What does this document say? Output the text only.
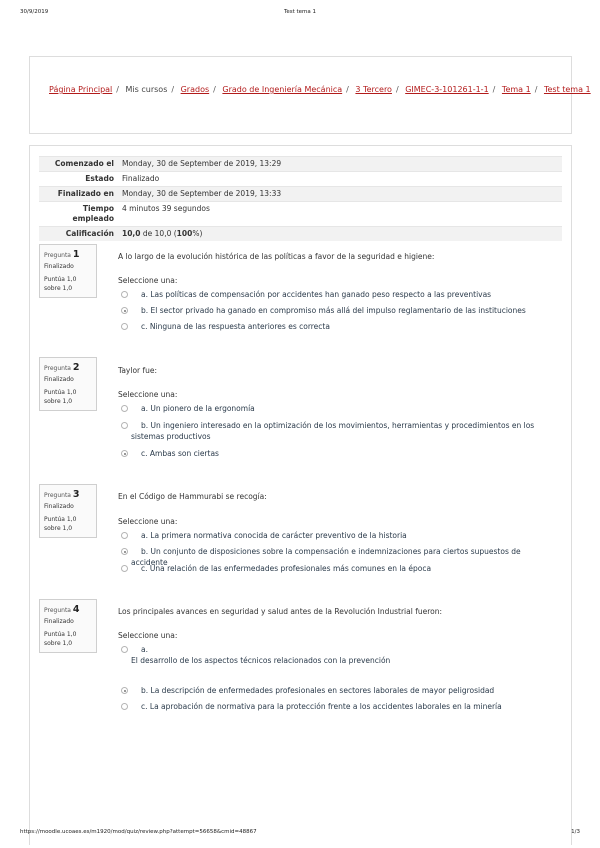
30/9/2019	Test tema 1
Página Principal / Mis cursos / Grados / Grado de Ingeniería Mecánica / 3 Tercero / GIMEC-3-101261-1-1 / Tema 1 / Test tema 1
Comenzado el	Monday, 30 de September de 2019, 13:29
Estado	Finalizado
Finalizado en	Monday, 30 de September de 2019, 13:33
Tiempo empleado	4 minutos 39 segundos
Calificación	10,0 de 10,0 (100%)
Pregunta 1
Finalizado
Puntúa 1,0 sobre 1,0
A lo largo de la evolución histórica de las políticas a favor de la seguridad e higiene:
Seleccione una:
a. Las políticas de compensación por accidentes han ganado peso respecto a las preventivas
b. El sector privado ha ganado en compromiso más allá del impulso reglamentario de las instituciones
c. Ninguna de las respuesta anteriores es correcta
Pregunta 2
Finalizado
Puntúa 1,0 sobre 1,0
Taylor fue:
Seleccione una:
a. Un pionero de la ergonomía
b. Un ingeniero interesado en la optimización de los movimientos, herramientas y procedimientos en los sistemas productivos
c. Ambas son ciertas
Pregunta 3
Finalizado
Puntúa 1,0 sobre 1,0
En el Código de Hammurabi se recogía:
Seleccione una:
a. La primera normativa conocida de carácter preventivo de la historia
b. Un conjunto de disposiciones sobre la compensación e indemnizaciones para ciertos supuestos de accidente
c. Una relación de las enfermedades profesionales más comunes en la época
Pregunta 4
Finalizado
Puntúa 1,0 sobre 1,0
Los principales avances en seguridad y salud antes de la Revolución Industrial fueron:
Seleccione una:
a.
El desarrollo de los aspectos técnicos relacionados con la prevención
b. La descripción de enfermedades profesionales en sectores laborales de mayor peligrosidad
c. La aprobación de normativa para la protección frente a los accidentes laborales en la minería
https://moodle.ucoaes.es/m1920/mod/quiz/review.php?attempt=56658&cmid=48867	1/3
